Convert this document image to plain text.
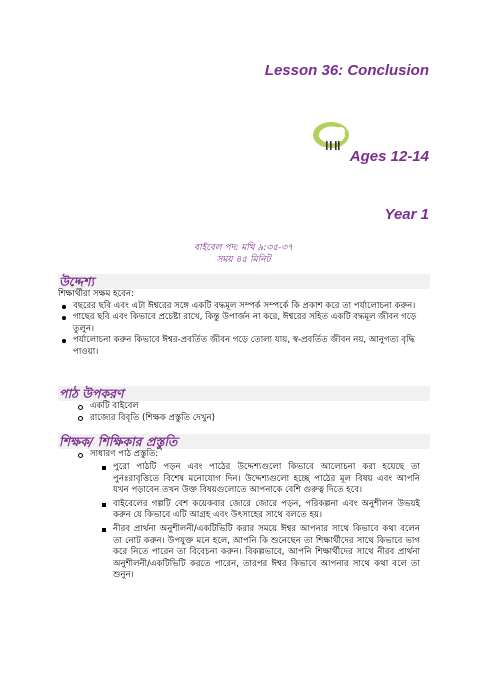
Lesson 36: Conclusion
Ages 12-14
Year 1
বাইবেল পদ: মথি ৯:৩৫-৩৭
সময় ৪৫ মিনিট
উদ্দেশ্য
শিক্ষার্থীরা সক্ষম হবেন:
বছরের ছবি এবং এটা ঈশ্বরের সঙ্গে একটি বদ্ধমূল সম্পর্ক সম্পর্কে কি প্রকাশ করে তা পর্যালোচনা করুন।
গাছের ছবি এবং কিভাবে প্রচেষ্টা রাখে, কিন্তু উপার্জন না করে, ঈশ্বরের সহিত একটি বদ্ধমূল জীবন গড়ে তুলুন।
পর্যালোচনা করুন কিভাবে ঈশ্বর-প্রবর্তিত জীবন গড়ে তোলা যায়, স্ব-প্রবর্তিত জীবন নয়, আনুগত্য বৃদ্ধি পাওয়া।
পাঠ উপকরণ
একটি বাইবেল
রাজ্যের বিবৃতি (শিক্ষক প্রস্তুতি দেখুন)
শিক্ষক/ শিক্ষিকার প্রস্তুতি
সাধারণ পাঠ প্রস্তুতি:
পুরো পাঠটি পড়ন এবং পাঠের উদ্দেশ্যগুলো কিভাবে আলোচনা করা হয়েছে তা পুনঃরাবৃত্তিতে বিশেষ মনোযোগ দিন। উদ্দেশ্যগুলো হচ্ছে পাঠের মূল বিষয় এবং আপনি যখন পড়াবেন তখন উক্ত বিষয়গুলোতে আপনাকে বেশি গুরুত্ব দিতে হবে।
বাইবেলের গল্পটি বেশ কয়েকবার জোরে জোরে পড়ন, পরিকল্পনা এবং অনুশীলন উভয়ই করুন যে কিভাবে এটি আগ্রহ এবং উৎসাহের সাথে বলতে হয়।
নীরব প্রার্থনা অনুশীলনী/একটিভিটি করার সময়ে ঈশ্বর আপনার সাথে কিভাবে কথা বলেন তা নোট করুন। উপযুক্ত মনে হলে, আপনি কি শুনেছেন তা শিক্ষার্থীদের সাথে কিভাবে ভাগ করে নিতে পারেন তা বিবেচনা করুন। বিকল্পভাবে, আপনি শিক্ষার্থীদের সাথে নীরব প্রার্থনা অনুশীলনী/একটিভিটি করতে পারেন, তারপর ঈশ্বর কিভাবে আপনার সাথে কথা বলে তা শুনুন।
